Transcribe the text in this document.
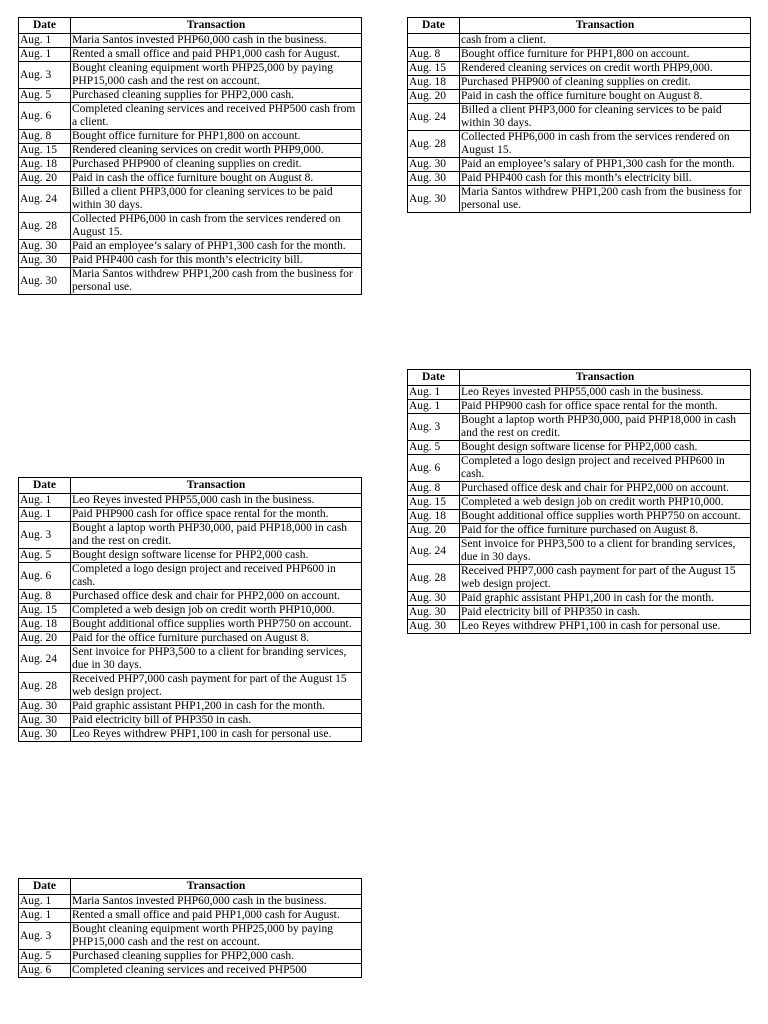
Date	Transaction
Aug. 1	Maria Santos invested PHP60,000 cash in the business.
Aug. 1	Rented a small office and paid PHP1,000 cash for August.
Aug. 3	Bought cleaning equipment worth PHP25,000 by paying PHP15,000 cash and the rest on account.
Aug. 5	Purchased cleaning supplies for PHP2,000 cash.
Aug. 6	Completed cleaning services and received PHP500 cash from a client.
Aug. 8	Bought office furniture for PHP1,800 on account.
Aug. 15	Rendered cleaning services on credit worth PHP9,000.
Aug. 18	Purchased PHP900 of cleaning supplies on credit.
Aug. 20	Paid in cash the office furniture bought on August 8.
Aug. 24	Billed a client PHP3,000 for cleaning services to be paid within 30 days.
Aug. 28	Collected PHP6,000 in cash from the services rendered on August 15.
Aug. 30	Paid an employee’s salary of PHP1,300 cash for the month.
Aug. 30	Paid PHP400 cash for this month’s electricity bill.
Aug. 30	Maria Santos withdrew PHP1,200 cash from the business for personal use.
Date	Transaction
	cash from a client.
Aug. 8	Bought office furniture for PHP1,800 on account.
Aug. 15	Rendered cleaning services on credit worth PHP9,000.
Aug. 18	Purchased PHP900 of cleaning supplies on credit.
Aug. 20	Paid in cash the office furniture bought on August 8.
Aug. 24	Billed a client PHP3,000 for cleaning services to be paid within 30 days.
Aug. 28	Collected PHP6,000 in cash from the services rendered on August 15.
Aug. 30	Paid an employee’s salary of PHP1,300 cash for the month.
Aug. 30	Paid PHP400 cash for this month’s electricity bill.
Aug. 30	Maria Santos withdrew PHP1,200 cash from the business for personal use.
Date	Transaction
Aug. 1	Leo Reyes invested PHP55,000 cash in the business.
Aug. 1	Paid PHP900 cash for office space rental for the month.
Aug. 3	Bought a laptop worth PHP30,000, paid PHP18,000 in cash and the rest on credit.
Aug. 5	Bought design software license for PHP2,000 cash.
Aug. 6	Completed a logo design project and received PHP600 in cash.
Aug. 8	Purchased office desk and chair for PHP2,000 on account.
Aug. 15	Completed a web design job on credit worth PHP10,000.
Aug. 18	Bought additional office supplies worth PHP750 on account.
Aug. 20	Paid for the office furniture purchased on August 8.
Aug. 24	Sent invoice for PHP3,500 to a client for branding services, due in 30 days.
Aug. 28	Received PHP7,000 cash payment for part of the August 15 web design project.
Aug. 30	Paid graphic assistant PHP1,200 in cash for the month.
Aug. 30	Paid electricity bill of PHP350 in cash.
Aug. 30	Leo Reyes withdrew PHP1,100 in cash for personal use.
Date	Transaction
Aug. 1	Leo Reyes invested PHP55,000 cash in the business.
Aug. 1	Paid PHP900 cash for office space rental for the month.
Aug. 3	Bought a laptop worth PHP30,000, paid PHP18,000 in cash and the rest on credit.
Aug. 5	Bought design software license for PHP2,000 cash.
Aug. 6	Completed a logo design project and received PHP600 in cash.
Aug. 8	Purchased office desk and chair for PHP2,000 on account.
Aug. 15	Completed a web design job on credit worth PHP10,000.
Aug. 18	Bought additional office supplies worth PHP750 on account.
Aug. 20	Paid for the office furniture purchased on August 8.
Aug. 24	Sent invoice for PHP3,500 to a client for branding services, due in 30 days.
Aug. 28	Received PHP7,000 cash payment for part of the August 15 web design project.
Aug. 30	Paid graphic assistant PHP1,200 in cash for the month.
Aug. 30	Paid electricity bill of PHP350 in cash.
Aug. 30	Leo Reyes withdrew PHP1,100 in cash for personal use.
Date	Transaction
Aug. 1	Maria Santos invested PHP60,000 cash in the business.
Aug. 1	Rented a small office and paid PHP1,000 cash for August.
Aug. 3	Bought cleaning equipment worth PHP25,000 by paying PHP15,000 cash and the rest on account.
Aug. 5	Purchased cleaning supplies for PHP2,000 cash.
Aug. 6	Completed cleaning services and received PHP500
